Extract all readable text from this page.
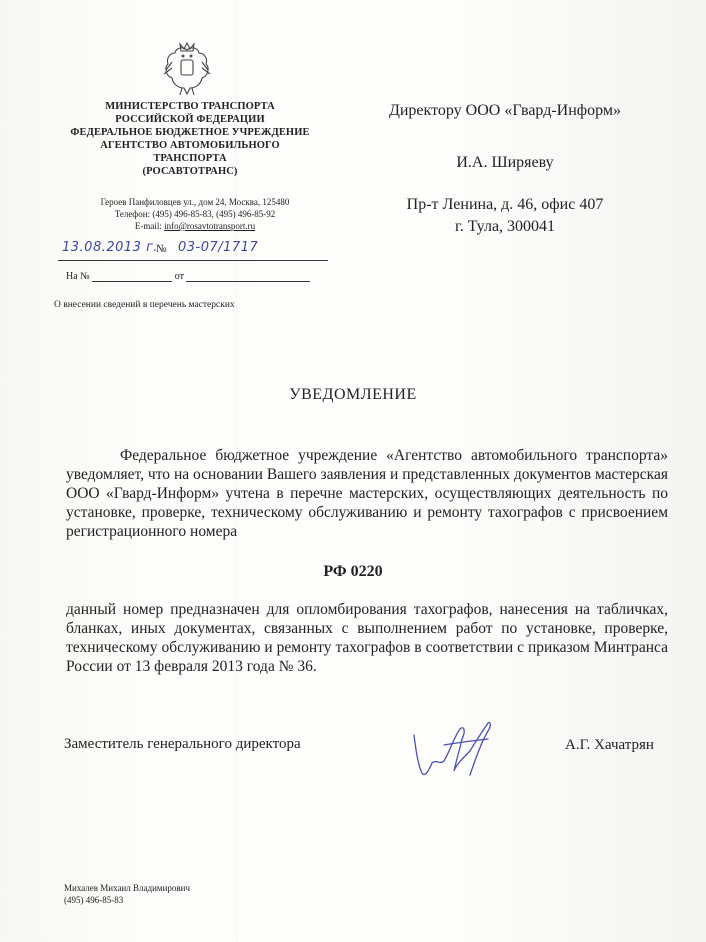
МИНИСТЕРСТВО ТРАНСПОРТА
РОССИЙСКОЙ ФЕДЕРАЦИИ
ФЕДЕРАЛЬНОЕ БЮДЖЕТНОЕ УЧРЕЖДЕНИЕ
АГЕНТСТВО АВТОМОБИЛЬНОГО
ТРАНСПОРТА
(РОСАВТОТРАНС)
Героев Панфиловцев ул., дом 24, Москва, 125480
Телефон: (495) 496-85-83, (495) 496-85-92
E-mail: info@rosavtotransport.ru
13.08.2013 г.
№ 03-07/1717
На №	от
О внесении сведений в перечень мастерских
Директору ООО «Гвард-Информ»
И.А. Ширяеву
Пр-т Ленина, д. 46, офис 407
г. Тула, 300041
УВЕДОМЛЕНИЕ
Федеральное бюджетное учреждение «Агентство автомобильного транспорта» уведомляет, что на основании Вашего заявления и представленных документов мастерская ООО «Гвард-Информ» учтена в перечне мастерских, осуществляющих деятельность по установке, проверке, техническому обслуживанию и ремонту тахографов с присвоением регистрационного номера
РФ 0220
данный номер предназначен для опломбирования тахографов, нанесения на табличках, бланках, иных документах, связанных с выполнением работ по установке, проверке, техническому обслуживанию и ремонту тахографов в соответствии с приказом Минтранса России от 13 февраля 2013 года № 36.
Заместитель генерального директора	А.Г. Хачатрян
Михалев Михаил Владимирович
(495) 496-85-83
